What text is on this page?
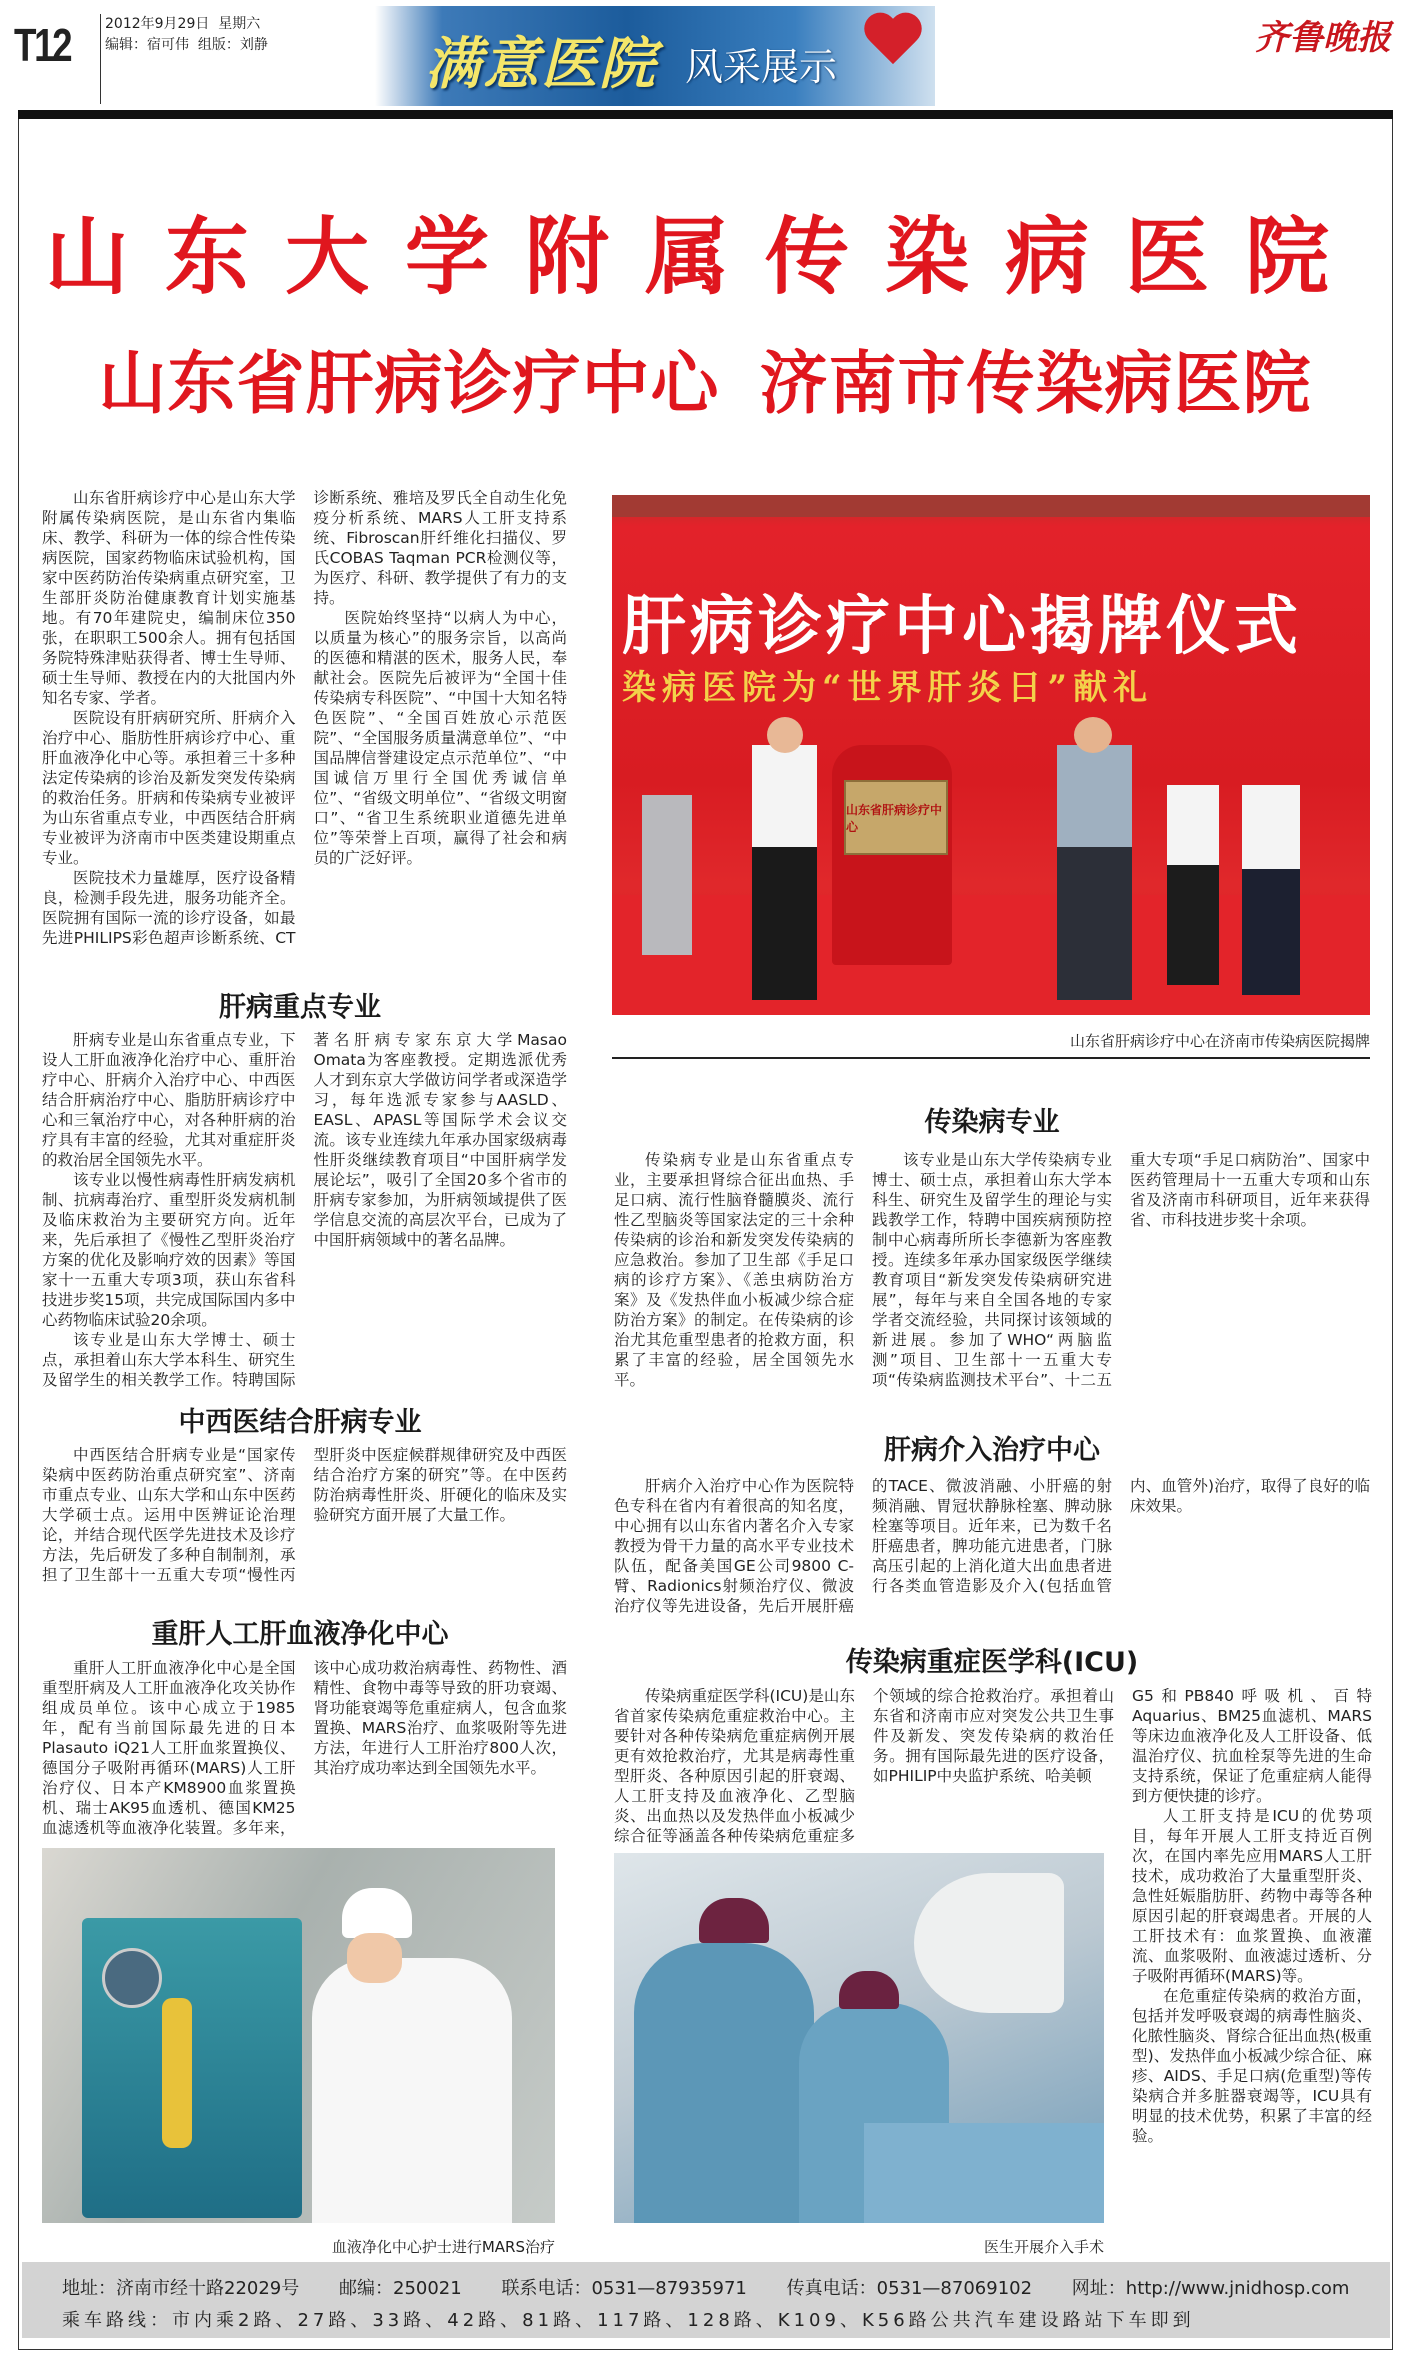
T12 2012年9月29日 星期六
编辑：宿可伟 组版：刘静	满意医院 风采展示
齐鲁晚报
山东大学附属传染病医院
山东省肝病诊疗中心 济南市传染病医院

山东省肝病诊疗中心是山东大学附属传染病医院，是山东省内集临床、教学、科研为一体的综合性传染病医院，国家药物临床试验机构，国家中医药防治传染病重点研究室，卫生部肝炎防治健康教育计划实施基地。有70年建院史，编制床位350张，在职职工500余人。拥有包括国务院特殊津贴获得者、博士生导师、硕士生导师、教授在内的大批国内外知名专家、学者。

医院设有肝病研究所、肝病介入治疗中心、脂肪性肝病诊疗中心、重肝血液净化中心等。承担着三十多种法定传染病的诊治及新发突发传染病的救治任务。肝病和传染病专业被评为山东省重点专业，中西医结合肝病专业被评为济南市中医类建设期重点专业。

医院技术力量雄厚，医疗设备精良，检测手段先进，服务功能齐全。医院拥有国际一流的诊疗设备，如最先进PHILIPS彩色超声诊断系统、CT诊断系统、雅培及罗氏全自动生化免疫分析系统、MARS人工肝支持系统、Fibroscan肝纤维化扫描仪、罗氏COBAS Taqman PCR检测仪等，为医疗、科研、教学提供了有力的支持。

医院始终坚持“以病人为中心，以质量为核心”的服务宗旨，以高尚的医德和精湛的医术，服务人民，奉献社会。医院先后被评为“全国十佳传染病专科医院”、“中国十大知名特色医院”、“全国百姓放心示范医院”、“全国服务质量满意单位”、“中国品牌信誉建设定点示范单位”、“中国诚信万里行全国优秀诚信单位”、“省级文明单位”、“省级文明窗口”、“省卫生系统职业道德先进单位”等荣誉上百项，赢得了社会和病员的广泛好评。

山东省肝病诊疗中心
肝病诊疗中心揭牌仪式
染病医院为“世界肝炎日”献礼
山东省肝病诊疗中心在济南市传染病医院揭牌
肝病重点专业

肝病专业是山东省重点专业，下设人工肝血液净化治疗中心、重肝治疗中心、肝病介入治疗中心、中西医结合肝病治疗中心、脂肪肝病诊疗中心和三氧治疗中心，对各种肝病的治疗具有丰富的经验，尤其对重症肝炎的救治居全国领先水平。

该专业以慢性病毒性肝病发病机制、抗病毒治疗、重型肝炎发病机制及临床救治为主要研究方向。近年来，先后承担了《慢性乙型肝炎治疗方案的优化及影响疗效的因素》等国家十一五重大专项3项，获山东省科技进步奖15项，共完成国际国内多中心药物临床试验20余项。

该专业是山东大学博士、硕士点，承担着山东大学本科生、研究生及留学生的相关教学工作。特聘国际著名肝病专家东京大学Masao Omata为客座教授。定期选派优秀人才到东京大学做访问学者或深造学习，每年选派专家参与AASLD、EASL、APASL等国际学术会议交流。该专业连续九年承办国家级病毒性肝炎继续教育项目“中国肝病学发展论坛”，吸引了全国20多个省市的肝病专家参加，为肝病领域提供了医学信息交流的高层次平台，已成为了中国肝病领域中的著名品牌。

传染病专业

传染病专业是山东省重点专业，主要承担肾综合征出血热、手足口病、流行性脑脊髓膜炎、流行性乙型脑炎等国家法定的三十余种传染病的诊治和新发突发传染病的应急救治。参加了卫生部《手足口病的诊疗方案》、《恙虫病防治方案》及《发热伴血小板减少综合症防治方案》的制定。在传染病的诊治尤其危重型患者的抢救方面，积累了丰富的经验，居全国领先水平。

该专业是山东大学传染病专业博士、硕士点，承担着山东大学本科生、研究生及留学生的理论与实践教学工作，特聘中国疾病预防控制中心病毒所所长李德新为客座教授。连续多年承办国家级医学继续教育项目“新发突发传染病研究进展”，每年与来自全国各地的专家学者交流经验，共同探讨该领域的新进展。参加了WHO“两脑监测”项目、卫生部十一五重大专项“传染病监测技术平台”、十二五重大专项“手足口病防治”、国家中医药管理局十一五重大专项和山东省及济南市科研项目，近年来获得省、市科技进步奖十余项。

中西医结合肝病专业

中西医结合肝病专业是“国家传染病中医药防治重点研究室”、济南市重点专业、山东大学和山东中医药大学硕士点。运用中医辨证论治理论，并结合现代医学先进技术及诊疗方法，先后研发了多种自制制剂，承担了卫生部十一五重大专项“慢性丙型肝炎中医症候群规律研究及中西医结合治疗方案的研究”等。在中医药防治病毒性肝炎、肝硬化的临床及实验研究方面开展了大量工作。

重肝人工肝血液净化中心

重肝人工肝血液净化中心是全国重型肝病及人工肝血液净化攻关协作组成员单位。该中心成立于1985年，配有当前国际最先进的日本Plasauto iQ21人工肝血浆置换仪、德国分子吸附再循环(MARS)人工肝治疗仪、日本产KM8900血浆置换机、瑞士AK95血透机、德国KM25血滤透机等血液净化装置。多年来，该中心成功救治病毒性、药物性、酒精性、食物中毒等导致的肝功衰竭、肾功能衰竭等危重症病人，包含血浆置换、MARS治疗、血浆吸附等先进方法，年进行人工肝治疗800人次，其治疗成功率达到全国领先水平。

血液净化中心护士进行MARS治疗
肝病介入治疗中心

肝病介入治疗中心作为医院特色专科在省内有着很高的知名度，中心拥有以山东省内著名介入专家教授为骨干力量的高水平专业技术队伍，配备美国GE公司9800 C-臂、Radionics射频治疗仪、微波治疗仪等先进设备，先后开展肝癌的TACE、微波消融、小肝癌的射频消融、胃冠状静脉栓塞、脾动脉栓塞等项目。近年来，已为数千名肝癌患者，脾功能亢进患者，门脉高压引起的上消化道大出血患者进行各类血管造影及介入(包括血管内、血管外)治疗，取得了良好的临床效果。

传染病重症医学科(ICU)

传染病重症医学科(ICU)是山东省首家传染病危重症救治中心。主要针对各种传染病危重症病例开展更有效抢救治疗，尤其是病毒性重型肝炎、各种原因引起的肝衰竭、人工肝支持及血液净化、乙型脑炎、出血热以及发热伴血小板减少综合征等涵盖各种传染病危重症多个领域的综合抢救治疗。承担着山东省和济南市应对突发公共卫生事件及新发、突发传染病的救治任务。拥有国际最先进的医疗设备，如PHILIP中央监护系统、哈美顿

G5和PB840呼吸机、百特Aquarius、BM25血滤机、MARS等床边血液净化及人工肝设备、低温治疗仪、抗血栓泵等先进的生命支持系统，保证了危重症病人能得到方便快捷的诊疗。

人工肝支持是ICU的优势项目，每年开展人工肝支持近百例次，在国内率先应用MARS人工肝技术，成功救治了大量重型肝炎、急性妊娠脂肪肝、药物中毒等各种原因引起的肝衰竭患者。开展的人工肝技术有：血浆置换、血液灌流、血浆吸附、血液滤过透析、分子吸附再循环(MARS)等。

在危重症传染病的救治方面，包括并发呼吸衰竭的病毒性脑炎、化脓性脑炎、肾综合征出血热(极重型)、发热伴血小板减少综合征、麻疹、AIDS、手足口病(危重型)等传染病合并多脏器衰竭等，ICU具有明显的技术优势，积累了丰富的经验。

医生开展介入手术
地址：济南市经十路22029号 邮编：250021 联系电话：0531—87935971 传真电话：0531—87069102 网址：http://www.jnidhosp.com
乘车路线：市内乘2路、27路、33路、42路、81路、117路、128路、K109、K56路公共汽车建设路站下车即到
